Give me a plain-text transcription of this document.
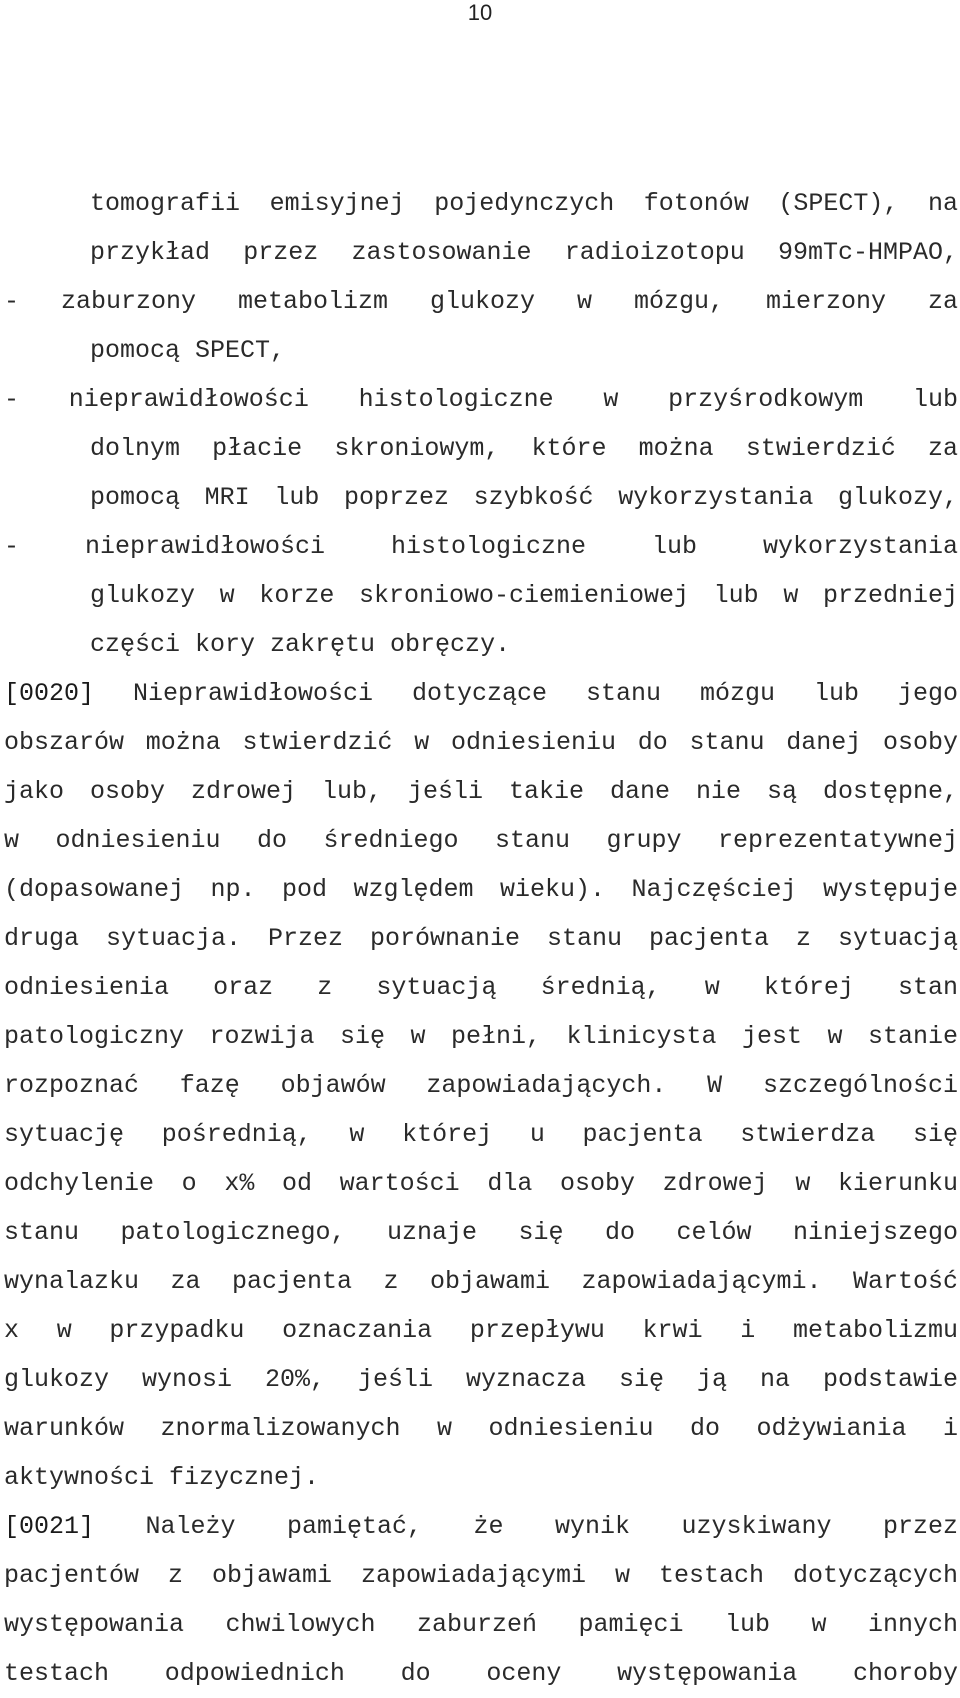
10
tomografii emisyjnej pojedynczych fotonów (SPECT), na
przykład przez zastosowanie radioizotopu 99mTc-HMPAO,
- zaburzony metabolizm glukozy w mózgu, mierzony za
pomocą SPECT,
- nieprawidłowości histologiczne w przyśrodkowym lub
dolnym płacie skroniowym, które można stwierdzić za
pomocą MRI lub poprzez szybkość wykorzystania glukozy,
- nieprawidłowości histologiczne lub wykorzystania
glukozy w korze skroniowo-ciemieniowej lub w przedniej
części kory zakrętu obręczy.
[0020] Nieprawidłowości dotyczące stanu mózgu lub jego
obszarów można stwierdzić w odniesieniu do stanu danej osoby
jako osoby zdrowej lub, jeśli takie dane nie są dostępne,
w odniesieniu do średniego stanu grupy reprezentatywnej
(dopasowanej np. pod względem wieku). Najczęściej występuje
druga sytuacja. Przez porównanie stanu pacjenta z sytuacją
odniesienia oraz z sytuacją średnią, w której stan
patologiczny rozwija się w pełni, klinicysta jest w stanie
rozpoznać fazę objawów zapowiadających. W szczególności
sytuację pośrednią, w której u pacjenta stwierdza się
odchylenie o x% od wartości dla osoby zdrowej w kierunku
stanu patologicznego, uznaje się do celów niniejszego
wynalazku za pacjenta z objawami zapowiadającymi. Wartość
x w przypadku oznaczania przepływu krwi i metabolizmu
glukozy wynosi 20%, jeśli wyznacza się ją na podstawie
warunków znormalizowanych w odniesieniu do odżywiania i
aktywności fizycznej.
[0021] Należy pamiętać, że wynik uzyskiwany przez
pacjentów z objawami zapowiadającymi w testach dotyczących
występowania chwilowych zaburzeń pamięci lub w innych
testach odpowiednich do oceny występowania choroby
